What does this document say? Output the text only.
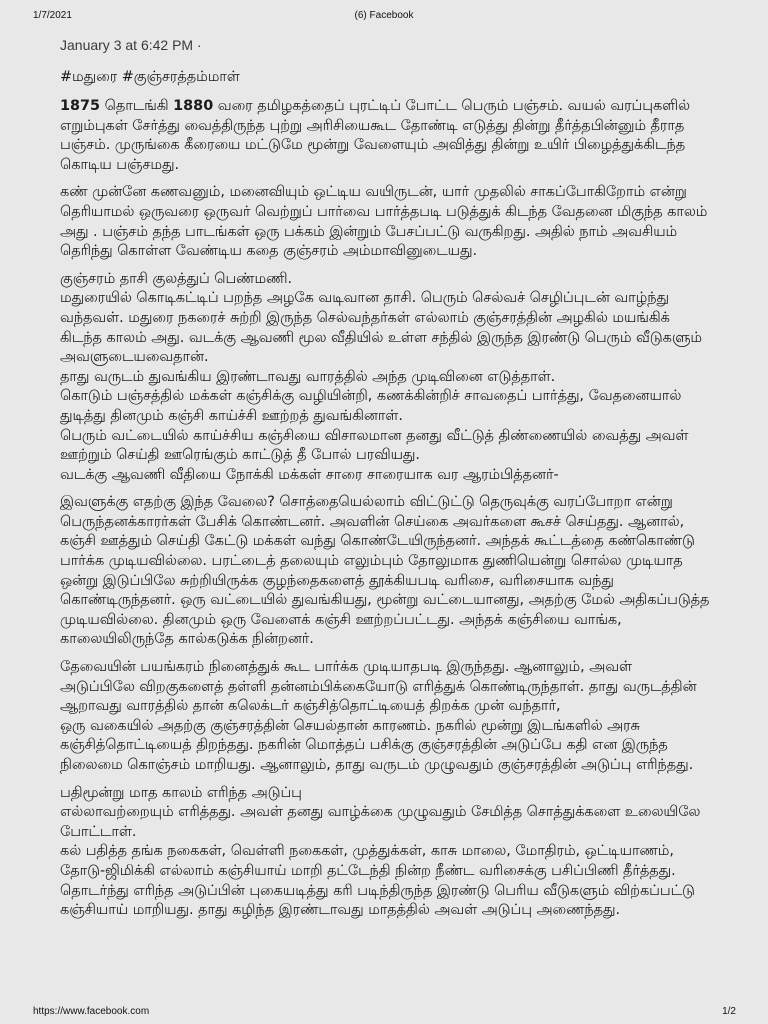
1/7/2021	(6) Facebook
January 3 at 6:42 PM ·
#மதுரை #குஞ்சரத்தம்மாள்

1875 தொடங்கி 1880 வரை தமிழகத்தைப் புரட்டிப் போட்ட பெரும் பஞ்சம். வயல் வரப்புகளில் எறும்புகள் சேர்த்து வைத்திருந்த புற்று அரிசியைகூட தோண்டி எடுத்து தின்று தீர்த்தபின்னும் தீராத பஞ்சம். முருங்கை கீரையை மட்டுமே மூன்று வேளையும் அவித்து தின்று உயிர் பிழைத்துக்கிடந்த கொடிய பஞ்சமது.

கண் முன்னே கணவனும், மனைவியும் ஒட்டிய வயிருடன், யார் முதலில் சாகப்போகிறோம் என்று தெரியாமல் ஒருவரை ஒருவர் வெற்றுப் பார்வை பார்த்தபடி படுத்துக் கிடந்த வேதனை மிகுந்த காலம் அது . பஞ்சம் தந்த பாடங்கள் ஒரு பக்கம் இன்றும் பேசப்பட்டு வருகிறது. அதில் நாம் அவசியம் தெரிந்து கொள்ள வேண்டிய கதை குஞ்சரம் அம்மாவினுடையது.

குஞ்சரம் தாசி குலத்துப் பெண்மணி.
மதுரையில் கொடிகட்டிப் பறந்த அழகே வடிவான தாசி. பெரும் செல்வச் செழிப்புடன் வாழ்ந்து வந்தவள். மதுரை நகரைச் சுற்றி இருந்த செல்வந்தர்கள் எல்லாம் குஞ்சரத்தின் அழகில் மயங்கிக் கிடந்த காலம் அது. வடக்கு ஆவணி மூல வீதியில் உள்ள சந்தில் இருந்த இரண்டு பெரும் வீடுகளும் அவளுடையவைதான்.
தாது வருடம் துவங்கிய இரண்டாவது வாரத்தில் அந்த முடிவினை எடுத்தாள்.
கொடும் பஞ்சத்தில் மக்கள் கஞ்சிக்கு வழியின்றி, கணக்கின்றிச் சாவதைப் பார்த்து, வேதனையால் துடித்து தினமும் கஞ்சி காய்ச்சி ஊற்றத் துவங்கினாள்.
பெரும் வட்டையில் காய்ச்சிய கஞ்சியை விசாலமான தனது வீட்டுத் திண்ணையில் வைத்து அவள் ஊற்றும் செய்தி ஊரெங்கும் காட்டுத் தீ போல் பரவியது.
வடக்கு ஆவணி வீதியை நோக்கி மக்கள் சாரை சாரையாக வர ஆரம்பித்தனர்-

இவளுக்கு எதற்கு இந்த வேலை? சொத்தையெல்லாம் விட்டுட்டு தெருவுக்கு வரப்போறா என்று பெருந்தனக்காரர்கள் பேசிக் கொண்டனர். அவளின் செய்கை அவர்களை கூசச் செய்தது. ஆனால், கஞ்சி ஊத்தும் செய்தி கேட்டு மக்கள் வந்து கொண்டேயிருந்தனர். அந்தக் கூட்டத்தை கண்கொண்டு பார்க்க முடியவில்லை. பரட்டைத் தலையும் எலும்பும் தோலுமாக துணியென்று சொல்ல முடியாத ஒன்று இடுப்பிலே சுற்றியிருக்க குழந்தைகளைத் தூக்கியபடி வரிசை, வரிசையாக வந்து கொண்டிருந்தனர். ஒரு வட்டையில் துவங்கியது, மூன்று வட்டையானது, அதற்கு மேல் அதிகப்படுத்த முடியவில்லை. தினமும் ஒரு வேளைக் கஞ்சி ஊற்றப்பட்டது. அந்தக் கஞ்சியை வாங்க, காலையிலிருந்தே கால்கடுக்க நின்றனர்.

தேவையின் பயங்கரம் நினைத்துக் கூட பார்க்க முடியாதபடி இருந்தது. ஆனாலும், அவள் அடுப்பிலே விறகுகளைத் தள்ளி தன்னம்பிக்கையோடு எரித்துக் கொண்டிருந்தாள். தாது வருடத்தின் ஆறாவது வாரத்தில் தான் கலெக்டர் கஞ்சித்தொட்டியைத் திறக்க முன் வந்தார்,
ஒரு வகையில் அதற்கு குஞ்சரத்தின் செயல்தான் காரணம். நகரில் மூன்று இடங்களில் அரசு கஞ்சித்தொட்டியைத் திறந்தது. நகரின் மொத்தப் பசிக்கு குஞ்சரத்தின் அடுப்பே கதி என இருந்த நிலைமை கொஞ்சம் மாறியது. ஆனாலும், தாது வருடம் முழுவதும் குஞ்சரத்தின் அடுப்பு எரிந்தது.

பதிமூன்று மாத காலம் எரிந்த அடுப்பு
எல்லாவற்றையும் எரித்தது. அவள் தனது வாழ்க்கை முழுவதும் சேமித்த சொத்துக்களை உலையிலே போட்டாள்.
கல் பதித்த தங்க நகைகள், வெள்ளி நகைகள், முத்துக்கள், காசு மாலை, மோதிரம், ஒட்டியாணம், தோடு-ஜிமிக்கி எல்லாம் கஞ்சியாய் மாறி தட்டேந்தி நின்ற நீண்ட வரிசைக்கு பசிப்பிணி தீர்த்தது.
தொடர்ந்து எரிந்த அடுப்பின் புகையடித்து கரி படிந்திருந்த இரண்டு பெரிய வீடுகளும் விற்கப்பட்டு கஞ்சியாய் மாறியது. தாது கழிந்த இரண்டாவது மாதத்தில் அவள் அடுப்பு அணைந்தது.

https://www.facebook.com	1/2
